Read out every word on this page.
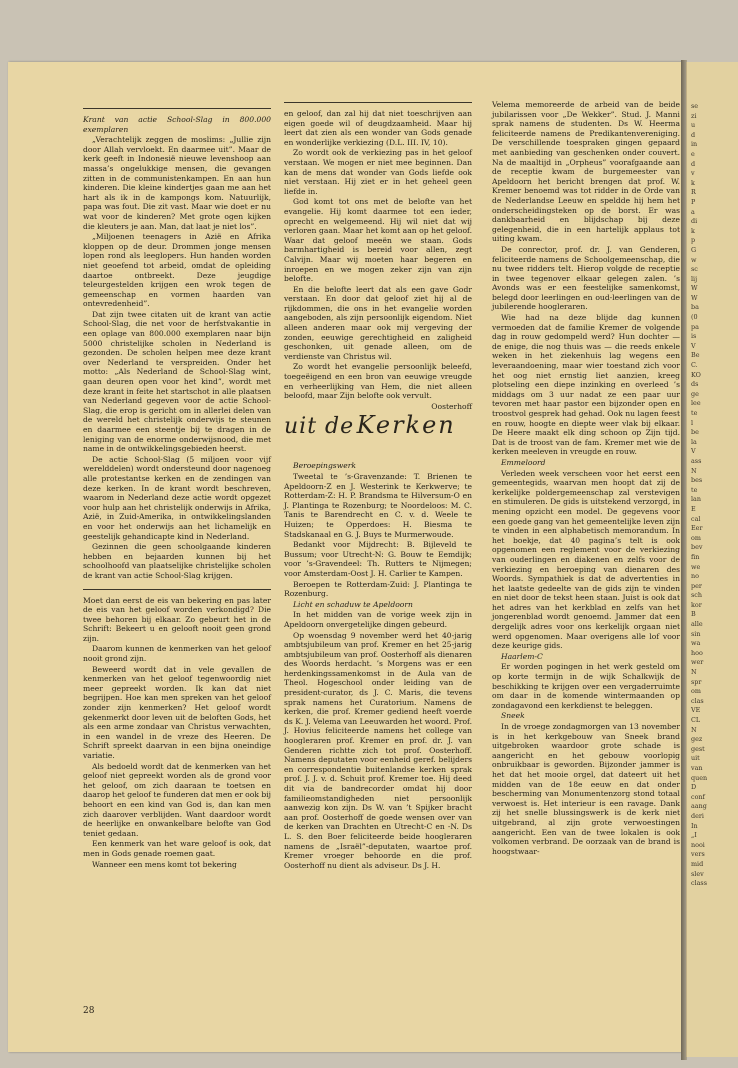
Krant van actie School-Slag in 800.000 exemplaren

„Verachtelijk zeggen de moslims: „Jullie zijn door Allah vervloekt. En daarmee uit”. Maar de kerk geeft in Indonesië nieuwe levenshoop aan massa’s ongelukkige mensen, die gevangen zitten in de communistenkampen. En aan hun kinderen. Die kleine kindertjes gaan me aan het hart als ik in de kampongs kom. Natuurlijk, papa was fout. Die zit vast. Maar wie doet er nu wat voor de kinderen? Met grote ogen kijken die kleuters je aan. Man, dat laat je niet los”.

„Miljoenen teenagers in Azië en Afrika kloppen op de deur. Drommen jonge mensen lopen rond als leeglopers. Hun handen worden niet geoefend tot arbeid, omdat de opleiding daartoe ontbreekt. Deze jeugdige teleurgestelden krijgen een wrok tegen de gemeenschap en vormen haarden van ontevredenheid”.

Dat zijn twee citaten uit de krant van actie School-Slag, die net voor de herfstvakantie in een oplage van 800.000 exemplaren naar bijn 5000 christelijke scholen in Nederland is gezonden. De scholen helpen mee deze krant over Nederland te verspreiden. Onder het motto: „Als Nederland de School-Slag wint, gaan deuren open voor het kind”, wordt met deze krant in feite het startschot in alle plaatsen van Nederland gegeven voor de actie School-Slag, die erop is gericht om in allerlei delen van de wereld het christelijk onderwijs te steunen en daarmee een steentje bij te dragen in de leniging van de enorme onderwijsnood, die met name in de ontwikkelingsgebieden heerst.

De actie School-Slag (5 miljoen voor vijf werelddelen) wordt ondersteund door nagenoeg alle protestantse kerken en de zendingen van deze kerken. In de krant wordt beschreven, waarom in Nederland deze actie wordt opgezet voor hulp aan het christelijk onderwijs in Afrika, Azië, in Zuid-Amerika, in ontwikkelingslanden en voor het onderwijs aan het lichamelijk en geestelijk gehandicapte kind in Nederland.

Gezinnen die geen schoolgaande kinderen hebben en bejaarden kunnen bij het schoolhoofd van plaatselijke christelijke scholen de krant van actie School-Slag krijgen.

Moet dan eerst de eis van bekering en pas later de eis van het geloof worden verkondigd? Die twee behoren bij elkaar. Zo gebeurt het in de Schrift: Bekeert u en gelooft nooit geen grond zijn.

Daarom kunnen de kenmerken van het geloof nooit grond zijn.

Beweerd wordt dat in vele gevallen de kenmerken van het geloof tegenwoordig niet meer gepreekt worden. Ik kan dat niet begrijpen. Hoe kan men spreken van het geloof zonder zijn kenmerken? Het geloof wordt gekenmerkt door leven uit de beloften Gods, het als een arme zondaar van Christus verwachten, in een wandel in de vreze des Heeren. De Schrift spreekt daarvan in een bijna oneindige variatie.

Als bedoeld wordt dat de kenmerken van het geloof niet gepreekt worden als de grond voor het geloof, om zich daaraan te toetsen en daarop het geloof te funderen dat men er ook bij behoort en een kind van God is, dan kan men zich daarover verblijden. Want daardoor wordt de heerlijke en onwankelbare belofte van God teniet gedaan.

Een kenmerk van het ware geloof is ook, dat men in Gods genade roemen gaat.

Wanneer een mens komt tot bekering

en geloof, dan zal hij dat niet toeschrijven aan eigen goede wil of deugdzaamheid. Maar hij leert dat zien als een wonder van Gods genade en wonderlijke verkiezing (D.L. III. IV, 10).

Zo wordt ook de verkiezing pas in het geloof verstaan. We mogen er niet mee beginnen. Dan kan de mens dat wonder van Gods liefde ook niet verstaan. Hij ziet er in het geheel geen liefde in.

God komt tot ons met de belofte van het evangelie. Hij komt daarmee tot een ieder, oprecht en welgemeend. Hij wil niet dat wij verloren gaan. Maar het komt aan op het geloof. Waar dat geloof meeën we staan. Gods barmhartigheid is bereid voor allen, zegt Calvijn. Maar wij moeten haar begeren en inroepen en we mogen zeker zijn van zijn belofte.

En die belofte leert dat als een gave Godr verstaan. En door dat geloof ziet hij al de rijkdommen, die ons in het evangelie worden aangeboden, als zijn persoonlijk eigendom. Niet alleen anderen maar ook mij vergeving der zonden, eeuwige gerechtigheid en zaligheid geschonken, uit genade alleen, om de verdienste van Christus wil.

Zo wordt het evangelie persoonlijk beleefd, toegeëigend en een bron van eeuwige vreugde en verheerlijking van Hem, die niet alleen beloofd, maar Zijn belofte ook vervult.

Oosterhoff

uit de Kerken

Beroepingswerk

Tweetal te ’s-Gravenzande: T. Brienen te Apeldoorn-Z en J. Westerink te Kerkwerve; te Rotterdam-Z: H. P. Brandsma te Hilversum-O en J. Plantinga te Rozenburg; te Noordeloos: M. C. Tanis te Barendrecht en C. v. d. Weele te Huizen; te Opperdoes: H. Biesma te Stadskanaal en G. J. Buys te Murmerwoude.

Bedankt voor Mijdrecht: B. Bijleveld te Bussum; voor Utrecht-N: G. Bouw te Eemdijk; voor ’s-Gravendeel: Th. Rutters te Nijmegen; voor Amsterdam-Oost J. H. Carlier te Kampen.

Beroepen te Rotterdam-Zuid: J. Plantinga te Rozenburg.

Licht en schaduw te Apeldoorn

In het midden van de vorige week zijn in Apeldoorn onvergetelijke dingen gebeurd.

Op woensdag 9 november werd het 40-jarig ambtsjubileum van prof. Kremer en het 25-jarig ambtsjubileum van prof. Oosterhoff als dienaren des Woords herdacht. ’s Morgens was er een herdenkingssamenkomst in de Aula van de Theol. Hogeschool onder leiding van de president-curator, ds J. C. Maris, die tevens sprak namens het Curatorium. Namens de kerken, die prof. Kremer gediend heeft voerde ds K. J. Velema van Leeuwarden het woord. Prof. J. Hovius feliciteerde namens het college van hoogleraren prof. Kremer en prof. dr. J. van Genderen richtte zich tot prof. Oosterhoff. Namens deputaten voor eenheid geref. belijders en correspondentie buitenlandse kerken sprak prof. J. J. v. d. Schuit prof. Kremer toe. Hij deed dit via de bandrecorder omdat hij door familieomstandigheden niet persoonlijk aanwezig kon zijn. Ds W. van ’t Spijker bracht aan prof. Oosterhoff de goede wensen over van de kerken van Drachten en Utrecht-C en -N. Ds L. S. den Boer feliciteerde beide hoogleraren namens de „Israël”-deputaten, waartoe prof. Kremer vroeger behoorde en die prof. Oosterhoff nu dient als adviseur. Ds J. H.

Velema memoreerde de arbeid van de beide jubilarissen voor „De Wekker”. Stud. J. Manni sprak namens de studenten. Ds W. Heerma feliciteerde namens de Predikantenvereniging. De verschillende toespraken gingen gepaard met aanbieding van geschenken onder couvert. Na de maaltijd in „Orpheus” voorafgaande aan de receptie kwam de burgemeester van Apeldoorn het bericht brengen dat prof. W. Kremer benoemd was tot ridder in de Orde van de Nederlandse Leeuw en speldde hij hem het onderscheidingsteken op de borst. Er was dankbaarheid en blijdschap bij deze gelegenheid, die in een hartelijk applaus tot uiting kwam.

De conrector, prof. dr. J. van Genderen, feliciteerde namens de Schoolgemeenschap, die nu twee ridders telt. Hierop volgde de receptie in twee tegenover elkaar gelegen zalen. ’s Avonds was er een feestelijke samenkomst, belegd door leerlingen en oud-leerlingen van de jubilerende hoogleraren.

Wie had na deze blijde dag kunnen vermoeden dat de familie Kremer de volgende dag in rouw gedompeld werd? Hun dochter — de enige, die nog thuis was — die reeds enkele weken in het ziekenhuis lag wegens een leveraandoening, maar wier toestand zich voor het oog niet ernstig liet aanzien, kreeg plotseling een diepe inzinking en overleed ’s middags om 3 uur nadat ze een paar uur tevoren met haar pastor een bijzonder open en troostvol gesprek had gehad. Ook nu lagen feest en rouw, hoogte en diepte weer vlak bij elkaar. De Heere maakt elk ding schoon op Zijn tijd. Dat is de troost van de fam. Kremer met wie de kerken meeleven in vreugde en rouw.

Emmeloord

Verleden week verscheen voor het eerst een gemeentegids, waarvan men hoopt dat zij de kerkelijke poldergemeenschap zal verstevigen en stimuleren. De gids is uitstekend verzorgd, in mening opzicht een model. De gegevens voor een goede gang van het gemeentelijke leven zijn te vinden in een alphabetisch memorandum. In het boekje, dat 40 pagina’s telt is ook opgenomen een reglement voor de verkiezing van ouderlingen en diakenen en zelfs voor de verkiezing en beroeping van dienaren des Woords. Sympathiek is dat de advertenties in het laatste gedeelte van de gids zijn te vinden en niet door de tekst heen staan. Juist is ook dat het adres van het kerkblad en zelfs van het jongerenblad wordt genoemd. Jammer dat een dergelijk adres voor ons kerkelijk orgaan niet werd opgenomen. Maar overigens alle lof voor deze keurige gids.

Haarlem-C

Er worden pogingen in het werk gesteld om op korte termijn in de wijk Schalkwijk de beschikking te krijgen over een vergaderruimte om daar in de komende wintermaanden op zondagavond een kerkdienst te beleggen.

Sneek

In de vroege zondagmorgen van 13 november is in het kerkgebouw van Sneek brand uitgebroken waardoor grote schade is aangericht en het gebouw voorlopig onbruikbaar is geworden. Bijzonder jammer is het dat het mooie orgel, dat dateert uit het midden van de 18e eeuw en dat onder bescherming van Monumentenzorg stond totaal verwoest is. Het interieur is een ravage. Dank zij het snelle blussingswerk is de kerk niet uitgebrand, al zijn grote verwoestingen aangericht. Een van de twee lokalen is ook volkomen verbrand. De oorzaak van de brand is hoogstwaar-

28
se
zi
u
d
in
e
d
v
k
R
P
a
di
k
p
G
w
sc
lij
W
W
ba
(0
pa
is
V
Be
C.
KO
ds
ge
lee
te
l
be
la
V
ass
N
bes
te
lan
E
cal
Eer
om
bev
fin
we
no
per
sch
kor
B
alle
sin
wa
hoo
wer
N
spr
om
clas
VE
CL
N
gez
gest
uit
van
quen
D
conf
aang
deri
In
„I
nooi
vers
mid
slev
class
